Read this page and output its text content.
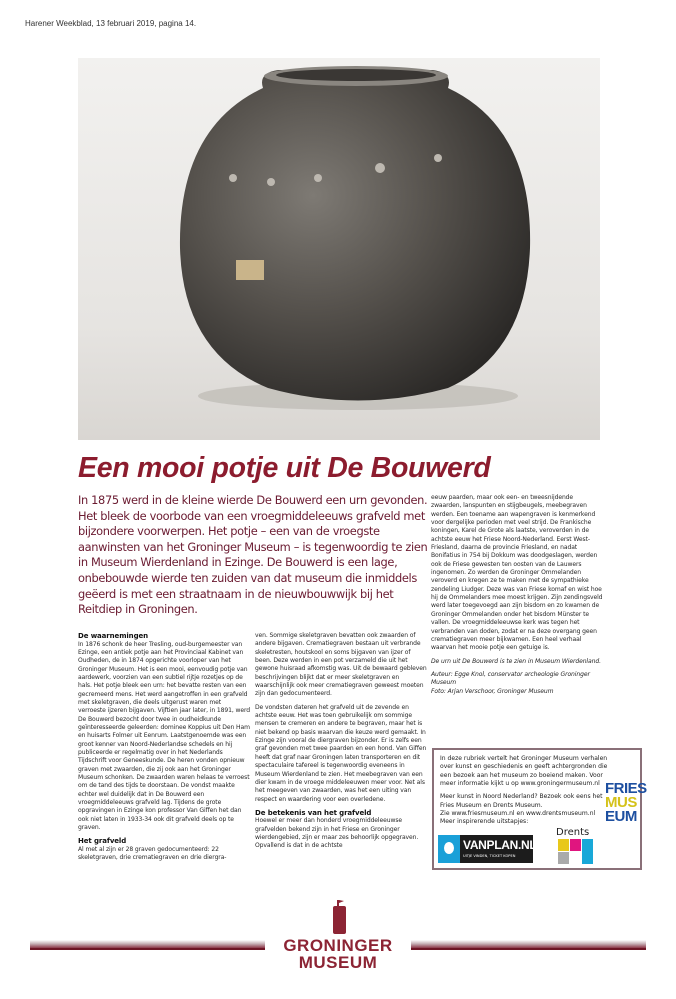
Harener Weekblad, 13 februari 2019, pagina 14.
Een mooi potje uit De Bouwerd
In 1875 werd in de kleine wierde De Bouwerd een urn gevonden. Het bleek de voorbode van een vroegmiddeleeuws grafveld met bijzondere voorwerpen. Het potje – een van de vroegste aanwinsten van het Groninger Museum – is tegenwoordig te zien in Museum Wierdenland in Ezinge. De Bouwerd is een lage, onbebouwde wierde ten zuiden van dat museum die inmiddels geëerd is met een straatnaam in de nieuwbouwwijk bij het Reitdiep in Groningen.
De waarnemingen

In 1876 schonk de heer Tresling, oud-burgemeester van Ezinge, een antiek potje aan het Provinciaal Kabinet van Oudheden, de in 1874 opgerichte voorloper van het Groninger Museum. Het is een mooi, eenvoudig potje van aardewerk, voorzien van een subtiel rijtje rozetjes op de hals. Het potje bleek een urn: het bevatte resten van een gecremeerd mens. Het werd aangetroffen in een grafveld met skeletgraven, die deels uitgerust waren met verroeste ijzeren bijgaven. Vijftien jaar later, in 1891, werd De Bouwerd bezocht door twee in oudheidkunde geïnteresseerde geleerden: dominee Koppius uit Den Ham en huisarts Folmer uit Eenrum. Laatstgenoemde was een groot kenner van Noord-Nederlandse schedels en hij publiceerde er regelmatig over in het Nederlands Tijdschrift voor Geneeskunde. De heren vonden opnieuw graven met zwaarden, die zij ook aan het Groninger Museum schonken. De zwaarden waren helaas te verroest om de tand des tijds te doorstaan. De vondst maakte echter wel duidelijk dat in De Bouwerd een vroegmiddeleeuws grafveld lag. Tijdens de grote opgravingen in Ezinge kon professor Van Giffen het dan ook niet laten in 1933-34 ook dit grafveld deels op te graven.

Het grafveld

Al met al zijn er 28 graven gedocumenteerd: 22 skeletgraven, drie crematiegraven en drie diergra-

ven. Sommige skeletgraven bevatten ook zwaarden of andere bijgaven. Crematiegraven bestaan uit verbrande skeletresten, houtskool en soms bijgaven van ijzer of been. Deze werden in een pot verzameld die uit het gewone huisraad afkomstig was. Uit de bewaard gebleven beschrijvingen blijkt dat er meer skeletgraven en waarschijnlijk ook meer crematiegraven geweest moeten zijn dan gedocumenteerd.

De vondsten dateren het grafveld uit de zevende en achtste eeuw. Het was toen gebruikelijk om sommige mensen te cremeren en andere te begraven, maar het is niet bekend op basis waarvan die keuze werd gemaakt. In Ezinge zijn vooral de diergraven bijzonder. Er is zelfs een graf gevonden met twee paarden en een hond. Van Giffen heeft dat graf naar Groningen laten transporteren en dit spectaculaire tafereel is tegenwoordig eveneens in Museum Wierdenland te zien. Het meebegraven van een dier kwam in de vroege middeleeuwen meer voor. Net als het meegeven van zwaarden, was het een uiting van respect en waardering voor een overledene.

De betekenis van het grafveld

Hoewel er meer dan honderd vroegmiddeleeuwse grafvelden bekend zijn in het Friese en Groninger wierdengebied, zijn er maar zes behoorlijk opgegraven. Opvallend is dat in de achtste

eeuw paarden, maar ook een- en tweesnijdende zwaarden, lanspunten en stijgbeugels, meebegraven werden. Een toename aan wapengraven is kenmerkend voor dergelijke perioden met veel strijd. De Frankische koningen, Karel de Grote als laatste, veroverden in de achtste eeuw het Friese Noord-Nederland. Eerst West-Friesland, daarna de provincie Friesland, en nadat Bonifatius in 754 bij Dokkum was doodgeslagen, werden ook de Friese gewesten ten oosten van de Lauwers ingenomen. Zo werden de Groninger Ommelanden veroverd en kregen ze te maken met de sympathieke zendeling Liudger. Deze was van Friese komaf en wist hoe hij de Ommelanders mee moest krijgen. Zijn zendingsveld werd later toegevoegd aan zijn bisdom en zo kwamen de Groninger Ommelanden onder het bisdom Münster te vallen. De vroegmiddeleeuwse kerk was tegen het verbranden van doden, zodat er na deze overgang geen crematiegraven meer bijkwamen. Een heel verhaal waarvan het mooie potje een getuige is.

De urn uit De Bouwerd is te zien in Museum Wierdenland.

Auteur: Egge Knol, conservator archeologie Groninger Museum

Foto: Arjan Verschoor, Groninger Museum

In deze rubriek vertelt het Groninger Museum verhalen over kunst en geschiedenis en geeft achtergronden die een bezoek aan het museum zo boeiend maken. Voor meer informatie kijkt u op www.groningermuseum.nl

Meer kunst in Noord Nederland? Bezoek ook eens het Fries Museum en Drents Museum.

Zie www.friesmuseum.nl en www.drentsmuseum.nl
Meer inspirerende uitstapjes:
VANPLAN.NL
UITJE VINDEN, TICKET KOPEN
Drents
FRIES
MUS
EUM
GRONINGER
MUSEUM
